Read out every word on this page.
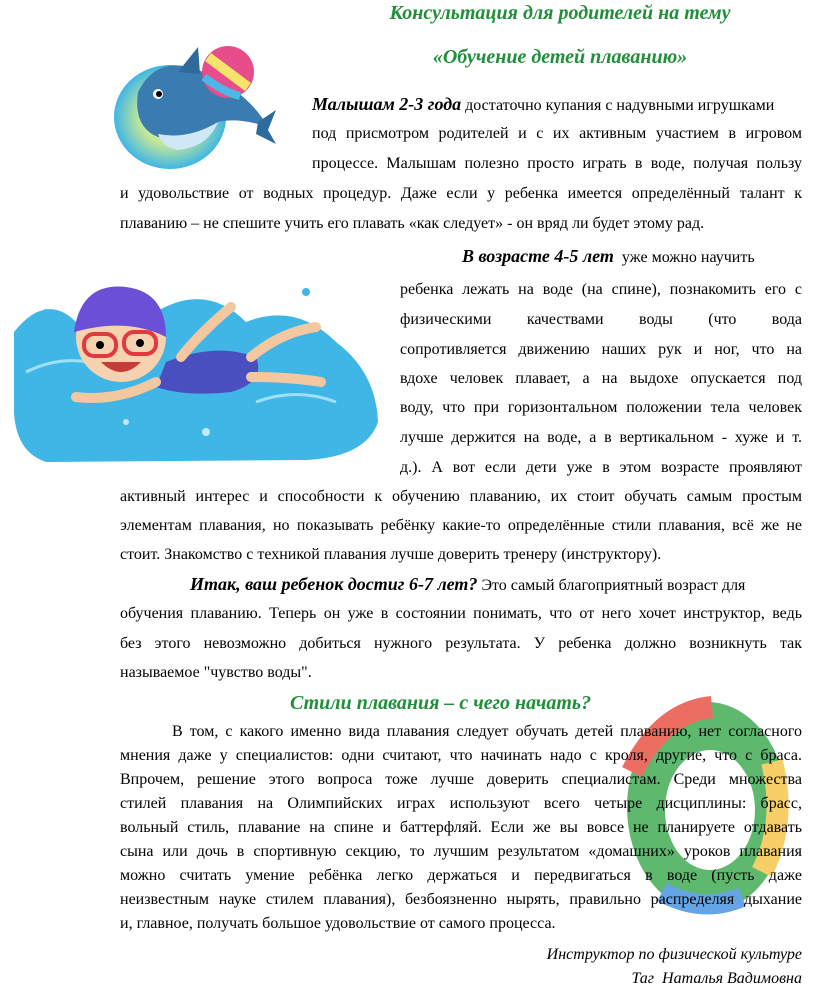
Консультация для родителей на тему
«Обучение детей плаванию»
Малышам 2-3 года достаточно купания с надувными игрушками
под присмотром родителей и с их активным участием в игровом
процессе. Малышам полезно просто играть в воде, получая пользу
и удовольствие от водных процедур. Даже если у ребенка имеется определённый талант к
плаванию – не спешите учить его плавать «как следует» - он вряд ли будет этому рад.
В возрасте 4-5 лет уже можно научить
ребенка лежать на воде (на спине), познакомить его с
физическими качествами воды (что вода
сопротивляется движению наших рук и ног, что на
вдохе человек плавает, а на выдохе опускается под
воду, что при горизонтальном положении тела человек
лучше держится на воде, а в вертикальном - хуже и т.
д.). А вот если дети уже в этом возрасте проявляют
активный интерес и способности к обучению плаванию, их стоит обучать самым простым
элементам плавания, но показывать ребёнку какие-то определённые стили плавания, всё же не
стоит. Знакомство с техникой плавания лучше доверить тренеру (инструктору).
Итак, ваш ребенок достиг 6-7 лет? Это самый благоприятный возраст для
обучения плаванию. Теперь он уже в состоянии понимать, что от него хочет инструктор, ведь
без этого невозможно добиться нужного результата. У ребенка должно возникнуть так
называемое "чувство воды".
Стили плавания – с чего начать?
В том, с какого именно вида плавания следует обучать детей плаванию, нет согласного
мнения даже у специалистов: одни считают, что начинать надо с кроля, другие, что с браса.
Впрочем, решение этого вопроса тоже лучше доверить специалистам. Среди множества
стилей плавания на Олимпийских играх используют всего четыре дисциплины: брасс,
вольный стиль, плавание на спине и баттерфляй. Если же вы вовсе не планируете отдавать
сына или дочь в спортивную секцию, то лучшим результатом «домашних» уроков плавания
можно считать умение ребёнка легко держаться и передвигаться в воде (пусть даже
неизвестным науке стилем плавания), безбоязненно нырять, правильно распределяя дыхание
и, главное, получать большое удовольствие от самого процесса.
Инструктор по физической культуре
Таг  Наталья Вадимовна
